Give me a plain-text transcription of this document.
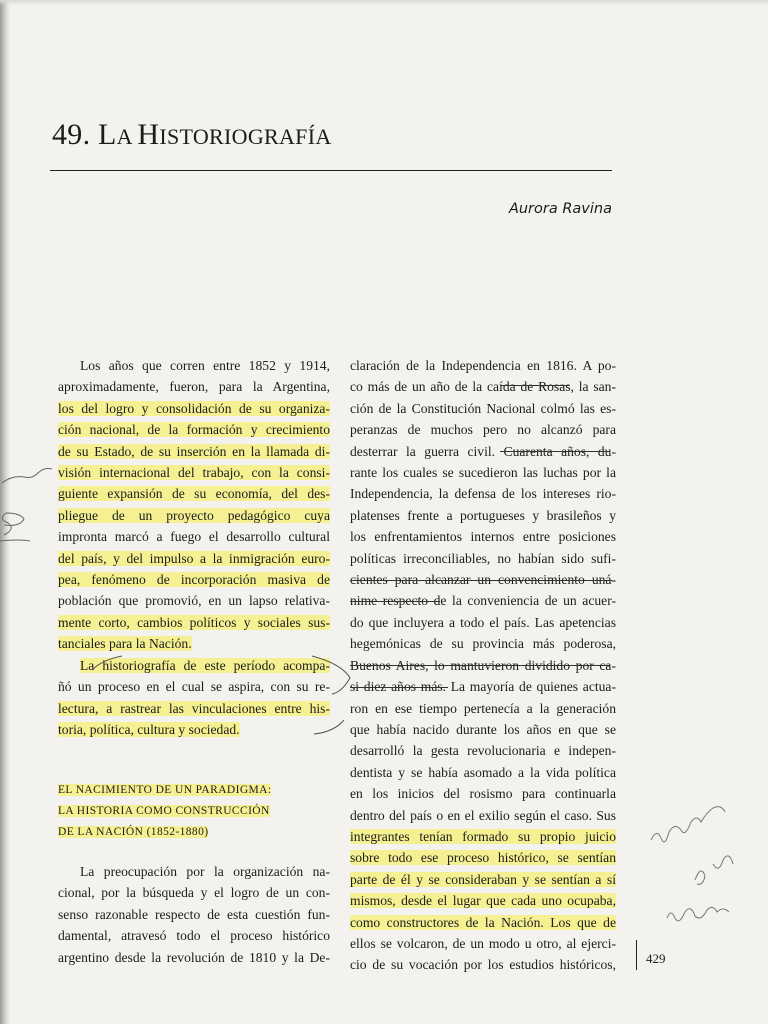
49. LA HISTORIOGRAFÍA
Aurora Ravina
Los años que corren entre 1852 y 1914,
aproximadamente, fueron, para la Argentina,
los del logro y consolidación de su organiza-
ción nacional, de la formación y crecimiento
de su Estado, de su inserción en la llamada di-
visión internacional del trabajo, con la consi-
guiente expansión de su economía, del des-
pliegue de un proyecto pedagógico cuya
impronta marcó a fuego el desarrollo cultural
del país, y del impulso a la inmigración euro-
pea, fenómeno de incorporación masiva de
población que promovió, en un lapso relativa-
mente corto, cambios políticos y sociales sus-
tanciales para la Nación.
La historiografía de este período acompa-
ñó un proceso en el cual se aspira, con su re-
lectura, a rastrear las vinculaciones entre his-
toria, política, cultura y sociedad.
EL NACIMIENTO DE UN PARADIGMA:
LA HISTORIA COMO CONSTRUCCIÓN
DE LA NACIÓN (1852-1880)
La preocupación por la organización na-
cional, por la búsqueda y el logro de un con-
senso razonable respecto de esta cuestión fun-
damental, atravesó todo el proceso histórico
argentino desde la revolución de 1810 y la De-
claración de la Independencia en 1816. A po-
co más de un año de la caída de Rosas, la san-
ción de la Constitución Nacional colmó las es-
peranzas de muchos pero no alcanzó para
desterrar la guerra civil. Cuarenta años, du-
rante los cuales se sucedieron las luchas por la
Independencia, la defensa de los intereses rio-
platenses frente a portugueses y brasileños y
los enfrentamientos internos entre posiciones
políticas irreconciliables, no habían sido sufi-
cientes para alcanzar un convencimiento uná-
nime respecto de la conveniencia de un acuer-
do que incluyera a todo el país. Las apetencias
hegemónicas de su provincia más poderosa,
Buenos Aires, lo mantuvieron dividido por ca-
si diez años más. La mayoría de quienes actua-
ron en ese tiempo pertenecía a la generación
que había nacido durante los años en que se
desarrolló la gesta revolucionaria e indepen-
dentista y se había asomado a la vida política
en los inicios del rosismo para continuarla
dentro del país o en el exilio según el caso. Sus
integrantes tenían formado su propio juicio
sobre todo ese proceso histórico, se sentían
parte de él y se consideraban y se sentían a sí
mismos, desde el lugar que cada uno ocupaba,
como constructores de la Nación. Los que de
ellos se volcaron, de un modo u otro, al ejerci-
cio de su vocación por los estudios históricos, 429
